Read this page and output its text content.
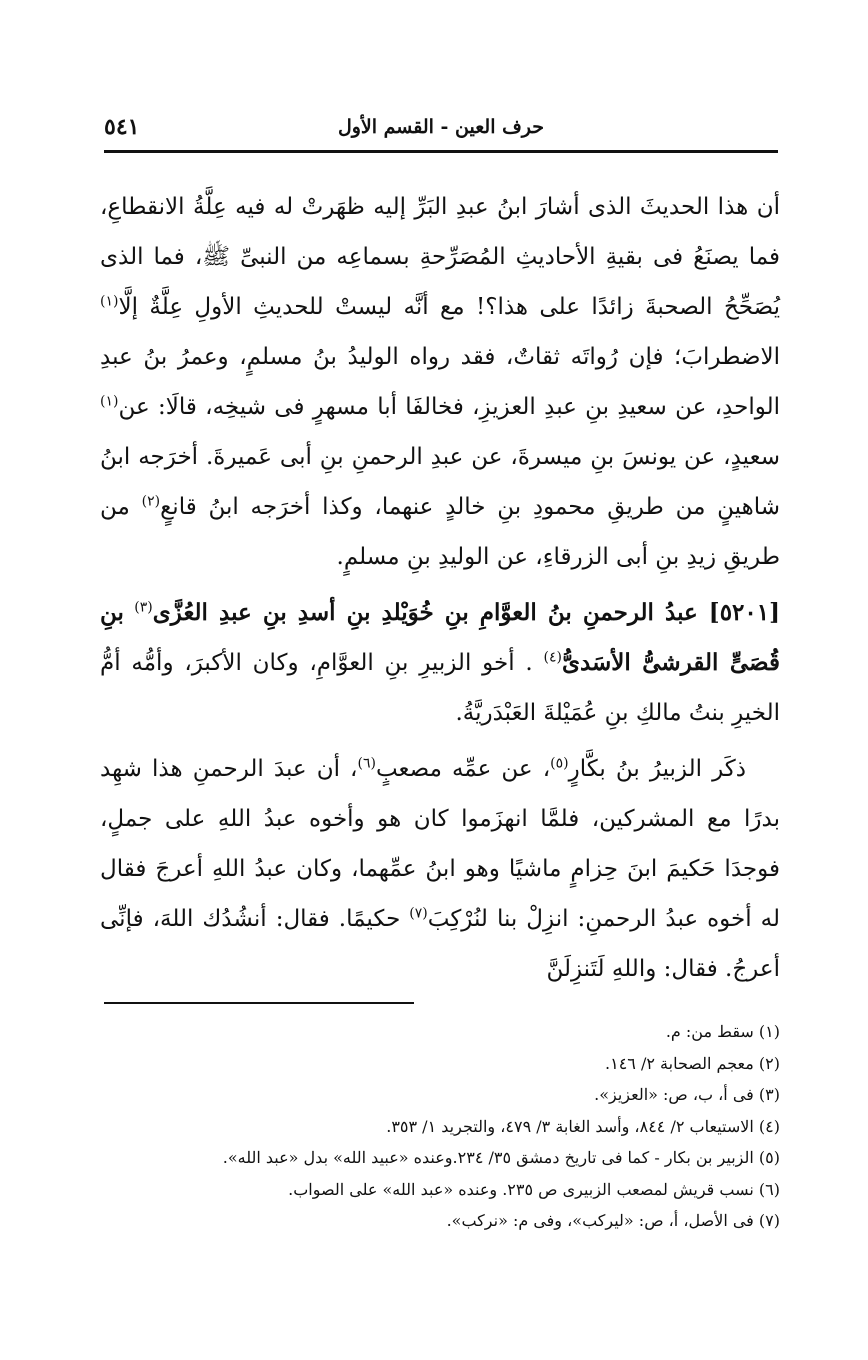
٥٤١	حرف العين - القسم الأول

أن هذا الحديثَ الذى أشارَ ابنُ عبدِ البَرِّ إليه ظهَرتْ له فيه عِلَّةُ الانقطاعِ، فما يصنَعُ فى بقيةِ الأحاديثِ المُصَرِّحةِ بسماعِه من النبىِّ ﷺ، فما الذى يُصَحِّحُ الصحبةَ زائدًا على هذا؟! مع أنَّه ليستْ للحديثِ الأولِ عِلَّةٌ إلَّا$^{(١)}$ الاضطرابَ؛ فإن رُواتَه ثقاتٌ، فقد رواه الوليدُ بنُ مسلمٍ، وعمرُ بنُ عبدِ الواحدِ، عن سعيدِ بنِ عبدِ العزيزِ، فخالفَا أبا مسهرٍ فى شيخِه، قالَا: عن$^{(١)}$ سعيدٍ، عن يونسَ بنِ ميسرةَ، عن عبدِ الرحمنِ بنِ أبى عَميرةَ. أخرَجه ابنُ شاهينٍ من طريقِ محمودِ بنِ خالدٍ عنهما، وكذا أخرَجه ابنُ قانعٍ$^{(٢)}$ من طريقِ زيدِ بنِ أبى الزرقاءِ، عن الوليدِ بنِ مسلمٍ.

[٥٢٠١] عبدُ الرحمنِ بنُ العوَّامِ بنِ خُوَيْلدِ بنِ أسدِ بنِ عبدِ العُزَّى$^{(٣)}$ بنِ قُصَىٍّ القرشىُّ الأسَدىُّ$^{(٤)}$ . أخو الزبيرِ بنِ العوَّامِ، وكان الأكبرَ، وأمُّه أمُّ الخيرِ بنتُ مالكِ بنِ عُمَيْلةَ العَبْدَريَّةُ.

ذكَر الزبيرُ بنُ بكَّارٍ$^{(٥)}$، عن عمِّه مصعبٍ$^{(٦)}$، أن عبدَ الرحمنِ هذا شهِد بدرًا مع المشركين، فلمَّا انهزَموا كان هو وأخوه عبدُ اللهِ على جملٍ، فوجدَا حَكيمَ ابنَ حِزامٍ ماشيًا وهو ابنُ عمِّهما، وكان عبدُ اللهِ أعرجَ فقال له أخوه عبدُ الرحمنِ: انزِلْ بنا لنُرْكِبَ$^{(٧)}$ حكيمًا. فقال: أنشُدُك اللهَ، فإنِّى أعرجُ. فقال: واللهِ لَتَنزِلَنَّ

(١) سقط من: م.

(٢) معجم الصحابة ٢/ ١٤٦.

(٣) فى أ، ب، ص: «العزيز».

(٤) الاستيعاب ٢/ ٨٤٤، وأسد الغابة ٣/ ٤٧٩، والتجريد ١/ ٣٥٣.

(٥) الزبير بن بكار - كما فى تاريخ دمشق ٣٥/ ٢٣٤.وعنده «عبيد الله» بدل «عبد الله».

(٦) نسب قريش لمصعب الزبيرى ص ٢٣٥. وعنده «عبد الله» على الصواب.

(٧) فى الأصل، أ، ص: «ليركب»، وفى م: «نركب».
